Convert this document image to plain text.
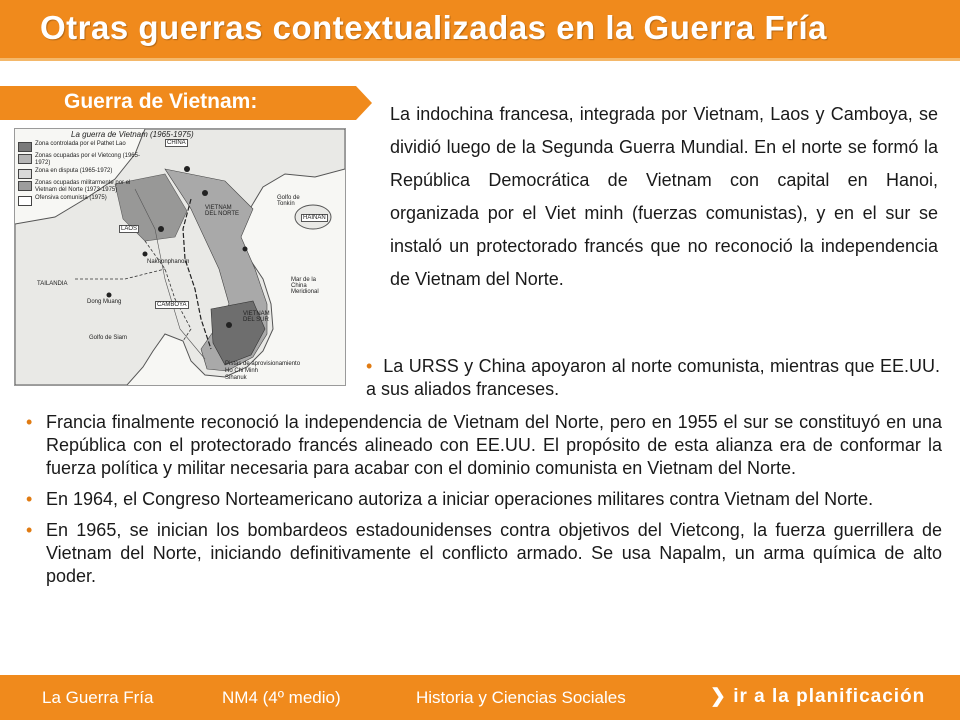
Otras guerras contextualizadas en la Guerra Fría
Guerra de Vietnam:
La guerra de Vietnam (1965-1975)
Zona controlada por el Pathet Lao
Zonas ocupadas por el Vietcong (1965-1972)
Zona en disputa (1965-1972)
Zonas ocupadas militarmente por el Vietnam del Norte (1973-1975)
Ofensiva comunista (1975)
CHINA
LAOS
TAILANDIA
CAMBOYA
HAINAN
Golfo de Tonkín
Mar de la China Meridional
Golfo de Siam
VIETNAM DEL NORTE
VIETNAM DEL SUR
Nakhonphanom
Dong Muang
Pistas de aprovisionamiento
Ho Chi Minh
Sihanuk
La indochina francesa, integrada por Vietnam, Laos y Camboya, se dividió luego de la Segunda Guerra Mundial. En el norte se formó la República Democrática de Vietnam con capital en Hanoi, organizada por el Viet minh (fuerzas comunistas), y en el sur se instaló un protectorado francés que no reconoció la independencia de Vietnam del Norte.
• La URSS y China apoyaron al norte comunista, mientras que EE.UU. a sus aliados franceses.
• Francia finalmente reconoció la independencia de Vietnam del Norte, pero en 1955 el sur se constituyó en una República con el protectorado francés alineado con EE.UU. El propósito de esta alianza era de conformar la fuerza política y militar necesaria para acabar con el dominio comunista en Vietnam del Norte.
• En 1964, el Congreso Norteamericano autoriza a iniciar operaciones militares contra Vietnam del Norte.
• En 1965, se inician los bombardeos estadounidenses contra objetivos del Vietcong, la fuerza guerrillera de Vietnam del Norte, iniciando definitivamente el conflicto armado. Se usa Napalm, un arma química de alto poder.
La Guerra Fría	NM4 (4º medio)	Historia y Ciencias Sociales	❯ ir a la planificación
